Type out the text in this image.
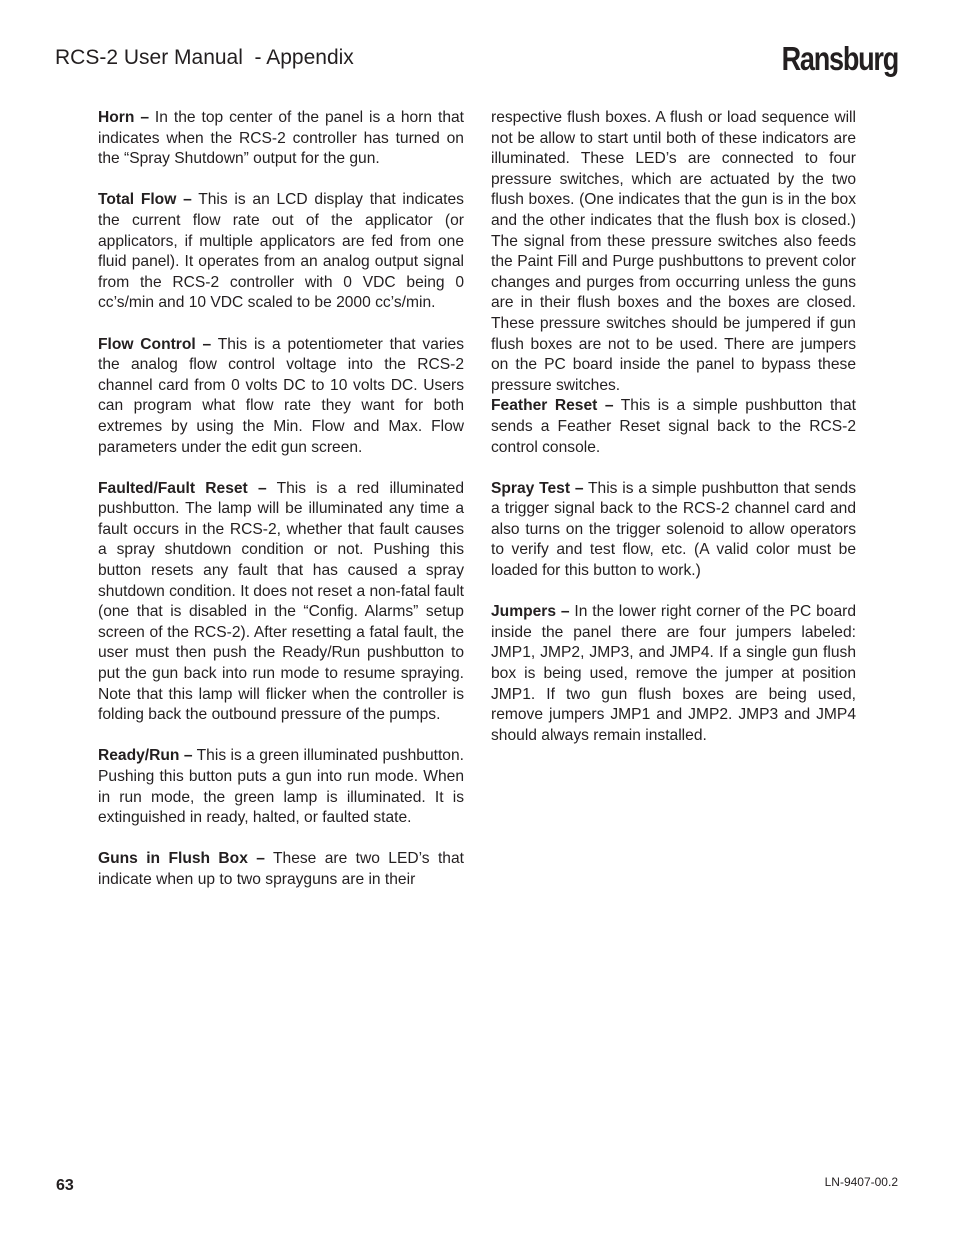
RCS-2 User Manual  - Appendix	Ransburg

Horn – In the top center of the panel is a horn that indicates when the RCS-2 controller has turned on the “Spray Shutdown” output for the gun.

Total Flow – This is an LCD display that indicates the current flow rate out of the applicator (or applicators, if multiple applicators are fed from one fluid panel). It operates from an analog output signal from the RCS-2 controller with 0 VDC being 0 cc’s/min and 10 VDC scaled to be 2000 cc’s/min.

Flow Control – This is a potentiometer that varies the analog flow control voltage into the RCS-2 channel card from 0 volts DC to 10 volts DC. Users can program what flow rate they want for both extremes by using the Min. Flow and Max. Flow parameters under the edit gun screen.

Faulted/Fault Reset – This is a red illuminated pushbutton. The lamp will be illuminated any time a fault occurs in the RCS-2, whether that fault causes a spray shutdown condition or not. Pushing this button resets any fault that has caused a spray shutdown condition. It does not reset a non-fatal fault (one that is disabled in the “Config. Alarms” setup screen of the RCS-2). After resetting a fatal fault, the user must then push the Ready/Run pushbutton to put the gun back into run mode to resume spraying. Note that this lamp will flicker when the controller is folding back the outbound pressure of the pumps.

Ready/Run – This is a green illuminated pushbutton. Pushing this button puts a gun into run mode. When in run mode, the green lamp is illuminated. It is extinguished in ready, halted, or faulted state.

Guns in Flush Box – These are two LED’s that indicate when up to two sprayguns are in their

respective flush boxes. A flush or load sequence will not be allow to start until both of these indicators are illuminated. These LED’s are connected to four pressure switches, which are actuated by the two flush boxes. (One indicates that the gun is in the box and the other indicates that the flush box is closed.) The signal from these pressure switches also feeds the Paint Fill and Purge pushbuttons to prevent color changes and purges from occurring unless the guns are in their flush boxes and the boxes are closed. These pressure switches should be jumpered if gun flush boxes are not to be used. There are jumpers on the PC board inside the panel to bypass these pressure switches.

Feather Reset – This is a simple pushbutton that sends a Feather Reset signal back to the RCS-2 control console.

Spray Test – This is a simple pushbutton that sends a trigger signal back to the RCS-2 channel card and also turns on the trigger solenoid to allow operators to verify and test flow, etc. (A valid color must be loaded for this button to work.)

Jumpers – In the lower right corner of the PC board inside the panel there are four jumpers labeled: JMP1, JMP2, JMP3, and JMP4. If a single gun flush box is being used, remove the jumper at position JMP1. If two gun flush boxes are being used, remove jumpers JMP1 and JMP2. JMP3 and JMP4 should always remain installed.

63	LN-9407-00.2
